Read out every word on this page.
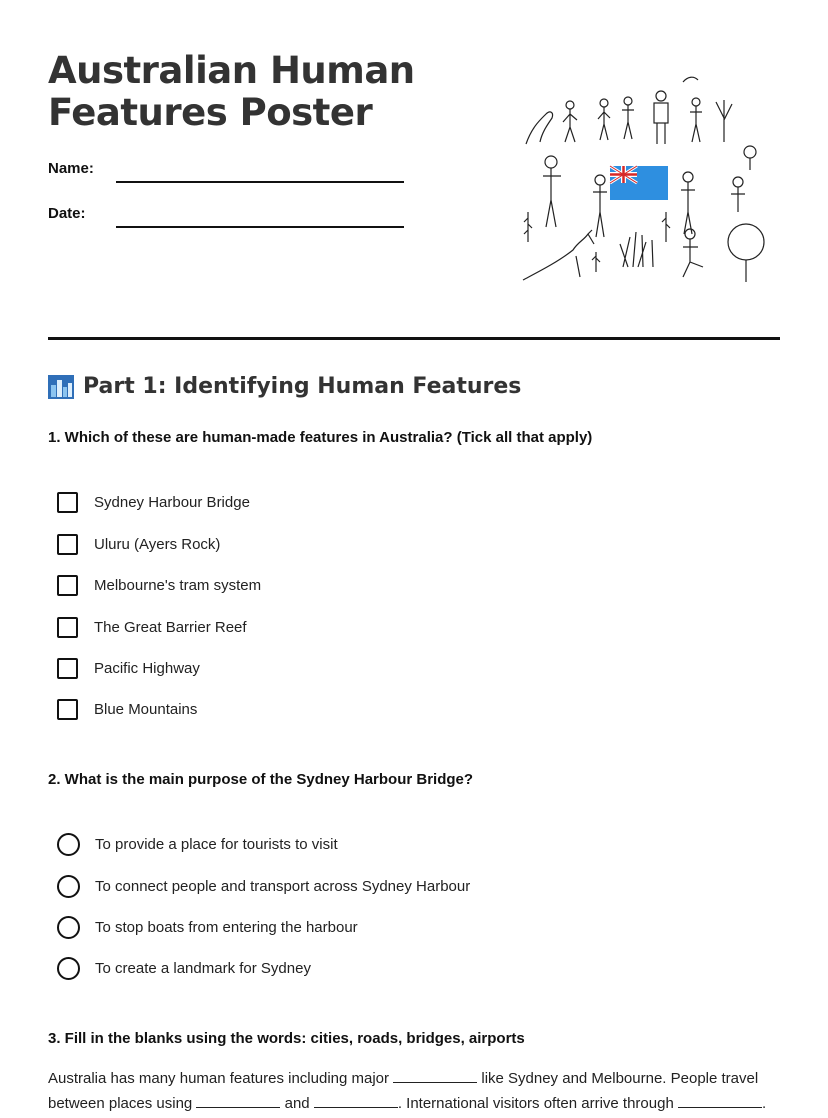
Australian Human
Features Poster
Name:
Date:
Part 1: Identifying Human Features
1. Which of these are human-made features in Australia? (Tick all that apply)
Sydney Harbour Bridge
Uluru (Ayers Rock)
Melbourne's tram system
The Great Barrier Reef
Pacific Highway
Blue Mountains
2. What is the main purpose of the Sydney Harbour Bridge?
To provide a place for tourists to visit
To connect people and transport across Sydney Harbour
To stop boats from entering the harbour
To create a landmark for Sydney
3. Fill in the blanks using the words: cities, roads, bridges, airports
Australia has many human features including major	like Sydney and Melbourne. People travel between places using	and	. International visitors often arrive through	.
